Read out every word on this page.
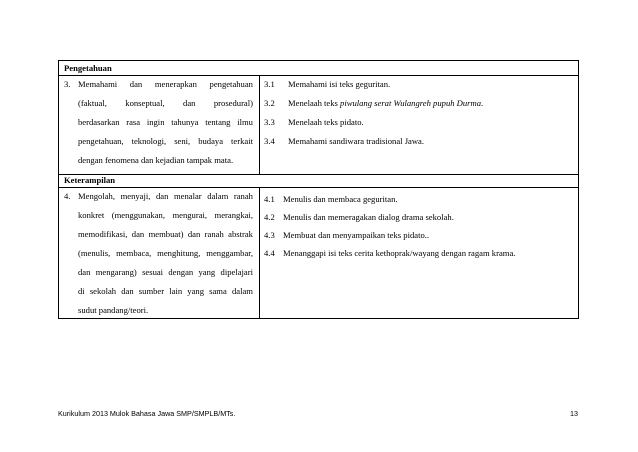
Pengetahuan
3. Memahami dan menerapkan pengetahuan
(faktual, konseptual, dan prosedural)
berdasarkan rasa ingin tahunya tentang ilmu
pengetahuan, teknologi, seni, budaya terkait
dengan fenomena dan kejadian tampak mata.
3.1 Memahami isi teks geguritan.
3.2 Menelaah teks piwulang serat Wulangreh pupuh Durma.
3.3 Menelaah teks pidato.
3.4 Memahami sandiwara tradisional Jawa.
Keterampilan
4. Mengolah, menyaji, dan menalar dalam ranah
konkret (menggunakan, mengurai, merangkai,
memodifikasi, dan membuat) dan ranah abstrak
(menulis, membaca, menghitung, menggambar,
dan mengarang) sesuai dengan yang dipelajari
di sekolah dan sumber lain yang sama dalam
sudut pandang/teori.
4.1 Menulis dan membaca geguritan.
4.2 Menulis dan memeragakan dialog drama sekolah.
4.3 Membuat dan menyampaikan teks pidato..
4.4 Menanggapi isi teks cerita kethoprak/wayang dengan ragam krama.
Kurikulum 2013 Mulok Bahasa Jawa SMP/SMPLB/MTs.	13
